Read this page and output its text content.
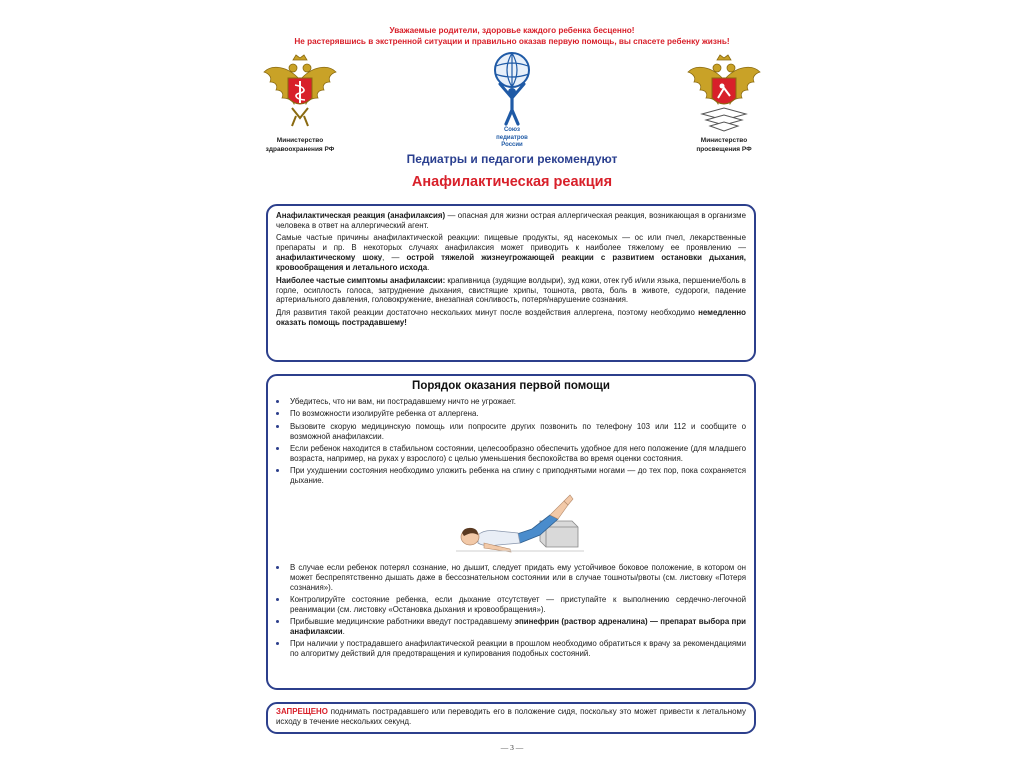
Уважаемые родители, здоровье каждого ребенка бесценно!
Не растерявшись в экстренной ситуации и правильно оказав первую помощь, вы спасете ребенку жизнь!
Министерство
здравоохранения РФ
Союз
педиатров
России
Министерство
просвещения РФ
Педиатры и педагоги рекомендуют
Анафилактическая реакция

Анафилактическая реакция (анафилаксия) — опасная для жизни острая аллергическая реакция, возникающая в организме человека в ответ на аллергический агент.

Самые частые причины анафилактической реакции: пищевые продукты, яд насекомых — ос или пчел, лекарственные препараты и пр. В некоторых случаях анафилаксия может приводить к наиболее тяжелому ее проявлению — анафилактическому шоку, — острой тяжелой жизнеугрожающей реакции с развитием остановки дыхания, кровообращения и летального исхода.

Наиболее частые симптомы анафилаксии: крапивница (зудящие волдыри), зуд кожи, отек губ и/или языка, першение/боль в горле, осиплость голоса, затруднение дыхания, свистящие хрипы, тошнота, рвота, боль в животе, судороги, падение артериального давления, головокружение, внезапная сонливость, потеря/нарушение сознания.

Для развития такой реакции достаточно нескольких минут после воздействия аллергена, поэтому необходимо немедленно оказать помощь пострадавшему!

Порядок оказания первой помощи
• Убедитесь, что ни вам, ни пострадавшему ничто не угрожает.
• По возможности изолируйте ребенка от аллергена.
• Вызовите скорую медицинскую помощь или попросите других позвонить по телефону 103 или 112 и сообщите о возможной анафилаксии.
• Если ребенок находится в стабильном состоянии, целесообразно обеспечить удобное для него положение (для младшего возраста, например, на руках у взрослого) с целью уменьшения беспокойства во время оценки состояния.
• При ухудшении состояния необходимо уложить ребенка на спину с приподнятыми ногами — до тех пор, пока сохраняется дыхание.
• В случае если ребенок потерял сознание, но дышит, следует придать ему устойчивое боковое положение, в котором он может беспрепятственно дышать даже в бессознательном состоянии или в случае тошноты/рвоты (см. листовку «Потеря сознания»).
• Контролируйте состояние ребенка, если дыхание отсутствует — приступайте к выполнению сердечно-легочной реанимации (см. листовку «Остановка дыхания и кровообращения»).
• Прибывшие медицинские работники введут пострадавшему эпинефрин (раствор адреналина) — препарат выбора при анафилаксии.
• При наличии у пострадавшего анафилактической реакции в прошлом необходимо обратиться к врачу за рекомендациями по алгоритму действий для предотвращения и купирования подобных состояний.

ЗАПРЕЩЕНО поднимать пострадавшего или переводить его в положение сидя, поскольку это может привести к летальному исходу в течение нескольких секунд.

— 3 —
